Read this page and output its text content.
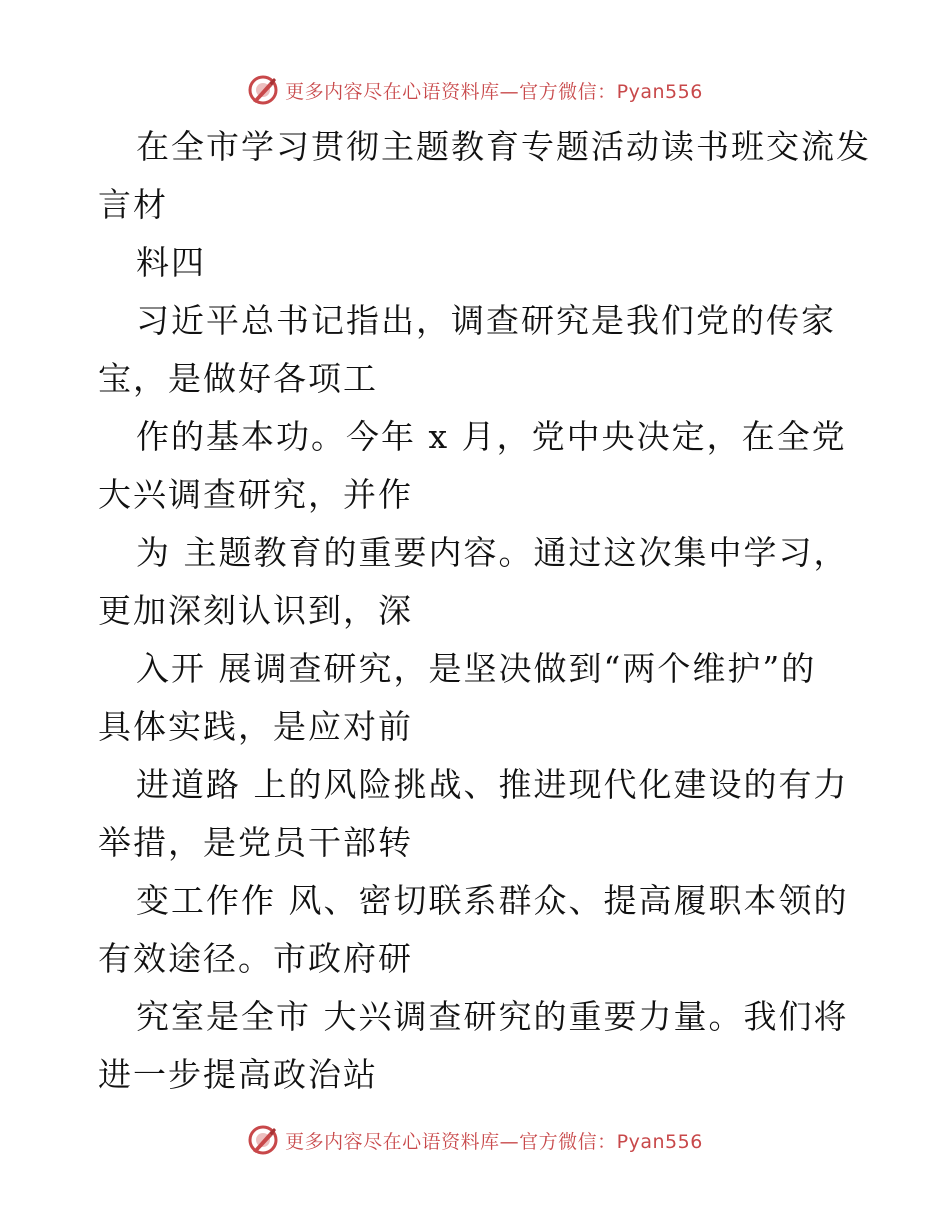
更多内容尽在心语资料库—官方微信：Pyan556
在全市学习贯彻主题教育专题活动读书班交流发
言材
料四
习近平总书记指出，调查研究是我们党的传家
宝，是做好各项工
作的基本功。今年 x 月，党中央决定，在全党
大兴调查研究，并作
为 主题教育的重要内容。通过这次集中学习，
更加深刻认识到，深
入开 展调查研究，是坚决做到“两个维护”的
具体实践，是应对前
进道路 上的风险挑战、推进现代化建设的有力
举措，是党员干部转
变工作作 风、密切联系群众、提高履职本领的
有效途径。市政府研
究室是全市 大兴调查研究的重要力量。我们将
进一步提高政治站
更多内容尽在心语资料库—官方微信：Pyan556
